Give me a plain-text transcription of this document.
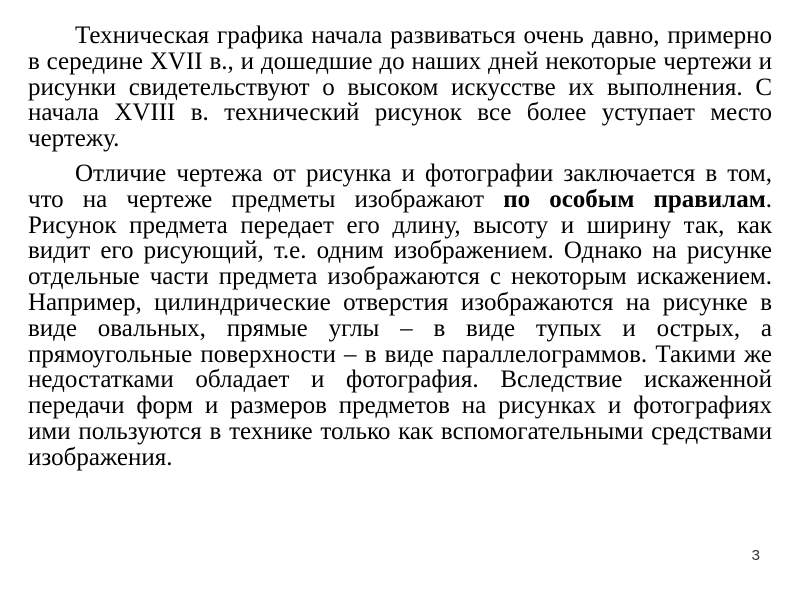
Техническая графика начала развиваться очень давно, примерно в середине XVII в., и дошедшие до наших дней некоторые чертежи и рисунки свидетельствуют о высоком искусстве их выполнения. С начала XVIII в. технический рисунок все более уступает место чертежу.

Отличие чертежа от рисунка и фотографии заключается в том, что на чертеже предметы изображают по особым правилам. Рисунок предмета передает его длину, высоту и ширину так, как видит его рисующий, т.е. одним изображением. Однако на рисунке отдельные части предмета изображаются с некоторым искажением. Например, цилиндрические отверстия изображаются на рисунке в виде овальных, прямые углы – в виде тупых и острых, а прямоугольные поверхности – в виде параллелограммов. Такими же недостатками обладает и фотография. Вследствие искаженной передачи форм и размеров предметов на рисунках и фотографиях ими пользуются в технике только как вспомогательными средствами изображения.

3
